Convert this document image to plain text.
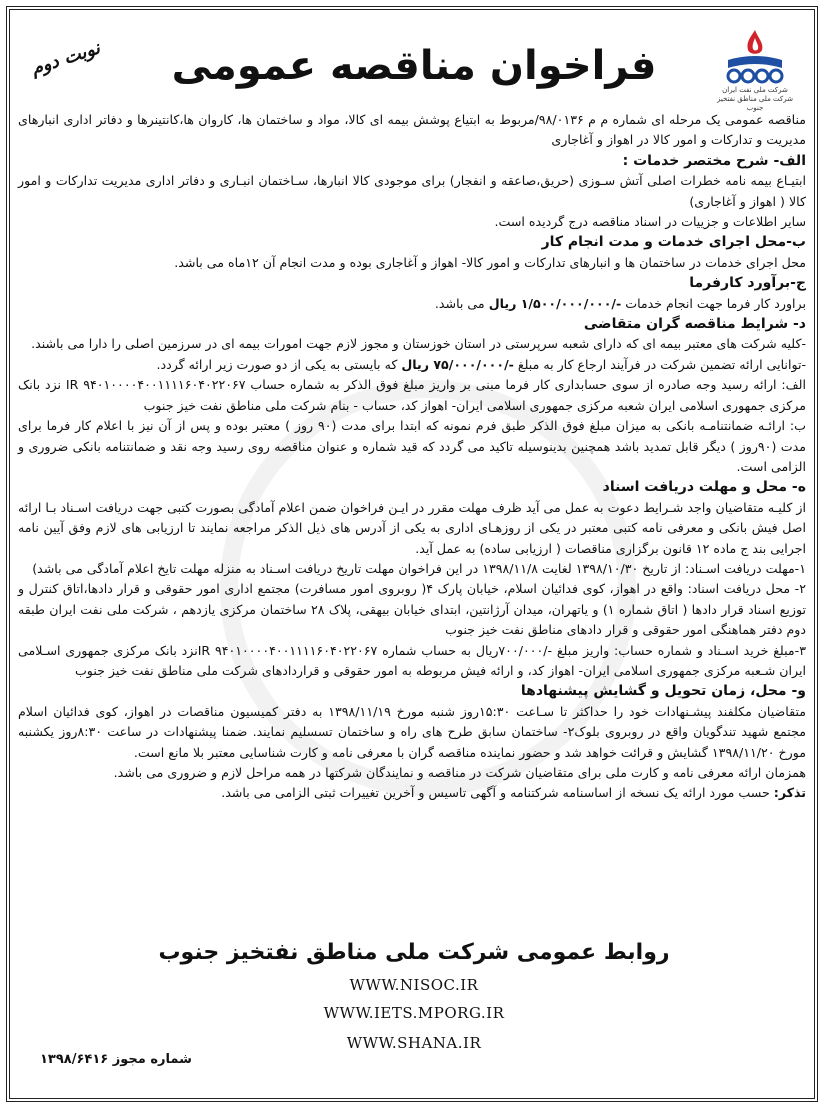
شرکت ملی نفت ایران
شرکت ملی مناطق نفتخیز جنوب
فراخوان مناقصه عمومی
نوبت دوم

مناقصه عمومی یک مرحله ای شماره م م ۹۸/۰۱۳۶/مربوط به ابتیاع پوشش بیمه ای کالا، مواد و ساختمان ها، کاروان ها،کانتینرها و دفاتر اداری انبارهای مدیریت و تدارکات و امور کالا در اهواز و آغاجاری

الف- شرح مختصر خدمات :

ابتیـاع بیمه نامه خطرات اصلی آتش سـوزی (حریق،صاعقه و انفجار) برای موجودی کالا انبارها، سـاختمان انبـاری و دفاتر اداری مدیریت تدارکات و امور کالا ( اهواز و آغاجاری)

سایر اطلاعات و جزییات در اسناد مناقصه درج گردیده است.

ب-محل اجرای خدمات و مدت انجام کار

محل اجرای خدمات در ساختمان ها و انبارهای تدارکات و امور کالا- اهواز و آغاجاری بوده و مدت انجام آن ۱۲ماه می باشد.

ج-برآورد کارفرما

براورد کار فرما جهت انجام خدمات -/۱/۵۰۰/۰۰۰/۰۰۰ ریال می باشد.

د- شرایط مناقصه گران متقاضی

-کلیه شرکت های معتبر بیمه ای که دارای شعبه سرپرستی در استان خوزستان و مجوز لازم جهت امورات بیمه ای در سرزمین اصلی را دارا می باشند.

-توانایی ارائه تضمین شرکت در فرآیند ارجاع کار به مبلغ -/۷۵/۰۰۰/۰۰۰ ریال که بایستی به یکی از دو صورت زیر ارائه گردد.

الف: ارائه رسید وجه صادره از سوی حسابداری کار فرما مبنی بر واریز مبلغ فوق الذکر به شماره حساب IR ۹۴۰۱۰۰۰۰۴۰۰۱۱۱۱۶۰۴۰۲۲۰۶۷ نزد بانک مرکزی جمهوری اسلامی ایران شعبه مرکزی جمهوری اسلامی ایران- اهواز کد، حساب - بنام شرکت ملی مناطق نفت خیز جنوب

ب: ارائـه ضمانتنامـه بانکی به میزان مبلغ فوق الذکر طبق فرم نمونه که ابتدا برای مدت (۹۰ روز ) معتبر بوده و پس از آن نیز با اعلام کار فرما برای مدت (۹۰روز ) دیگر قابل تمدید باشد همچنین بدینوسیله تاکید می گردد که قید شماره و عنوان مناقصه روی رسید وجه نقد و ضمانتنامه بانکی ضروری و الزامی است.

ه- محل و مهلت دریافت اسناد

از کلیـه متقاضیان واجد شـرایط دعوت به عمل می آید ظرف مهلت مقرر در ایـن فراخوان ضمن اعلام آمادگی بصورت کتبی جهت دریافت اسـناد بـا ارائه اصل فیش بانکی و معرفی نامه کتبی معتبر در یکی از روزهـای اداری به یکی از آدرس های ذیل الذکر مراجعه نمایند تا ارزیابی های لازم وفق آیین نامه اجرایی بند ج ماده ۱۲ قانون برگزاری مناقصات ( ارزیابی ساده) به عمل آید.

۱-مهلت دریافت اسـناد: از تاریخ ۱۳۹۸/۱۰/۳۰ لغایت ۱۳۹۸/۱۱/۸ در این فراخوان مهلت تاریخ دریافت اسـناد به منزله مهلت تایخ اعلام آمادگی می باشد)

۲- محل دریافت اسناد: واقع در اهواز، کوی فدائیان اسلام، خیابان پارک ۴( روبروی امور مسافرت) مجتمع اداری امور حقوقی و قرار دادها،اتاق کنترل و توزیع اسناد قرار دادها ( اتاق شماره ۱) و یاتهران، میدان آرژانتین، ابتدای خیابان بیهقی، پلاک ۲۸ ساختمان مرکزی یازدهم ، شرکت ملی نفت ایران طبقه دوم دفتر هماهنگی امور حقوقی و قرار دادهای مناطق نفت خیز جنوب

۳-مبلغ خرید اسـناد و شماره حساب: واریز مبلغ -/۷۰۰/۰۰۰ریال به حساب شماره IR ۹۴۰۱۰۰۰۰۴۰۰۱۱۱۱۶۰۴۰۲۲۰۶۷نزد بانک مرکزی جمهوری اسـلامی ایران شـعبه مرکزی جمهوری اسلامی ایران- اهواز کد، و ارائه فیش مربوطه به امور حقوقی و قراردادهای شرکت ملی مناطق نفت خیز جنوب

و- محل، زمان تحویل و گشایش پیشنهادها

متقاضیان مکلفند پیشـنهادات خود را حداکثر تا سـاعت ۱۵:۳۰روز شنبه مورخ ۱۳۹۸/۱۱/۱۹ به دفتر کمیسیون مناقصات در اهواز، کوی فدائیان اسلام مجتمع شهید تندگویان واقع در روبروی بلوک۲- ساختمان سابق طرح های راه و ساختمان تسسلیم نمایند. ضمنا پیشنهادات در ساعت ۸:۳۰روز یکشنبه مورخ ۱۳۹۸/۱۱/۲۰ گشایش و قرائت خواهد شد و حضور نماینده مناقصه گران با معرفی نامه و کارت شناسایی معتبر بلا مانع است.

همزمان ارائه معرفی نامه و کارت ملی برای متقاضیان شرکت در مناقصه و نمایندگان شرکتها در همه مراحل لازم و ضروری می باشد.

تذکر: حسب مورد ارائه یک نسخه از اساسنامه شرکتنامه و آگهی تاسیس و آخرین تغییرات ثبتی الزامی می باشد.

روابط عمومی شرکت ملی مناطق نفتخیز جنوب
WWW.NISOC.IR
WWW.IETS.MPORG.IR
WWW.SHANA.IR
شماره مجوز ۱۳۹۸/۶۴۱۶
